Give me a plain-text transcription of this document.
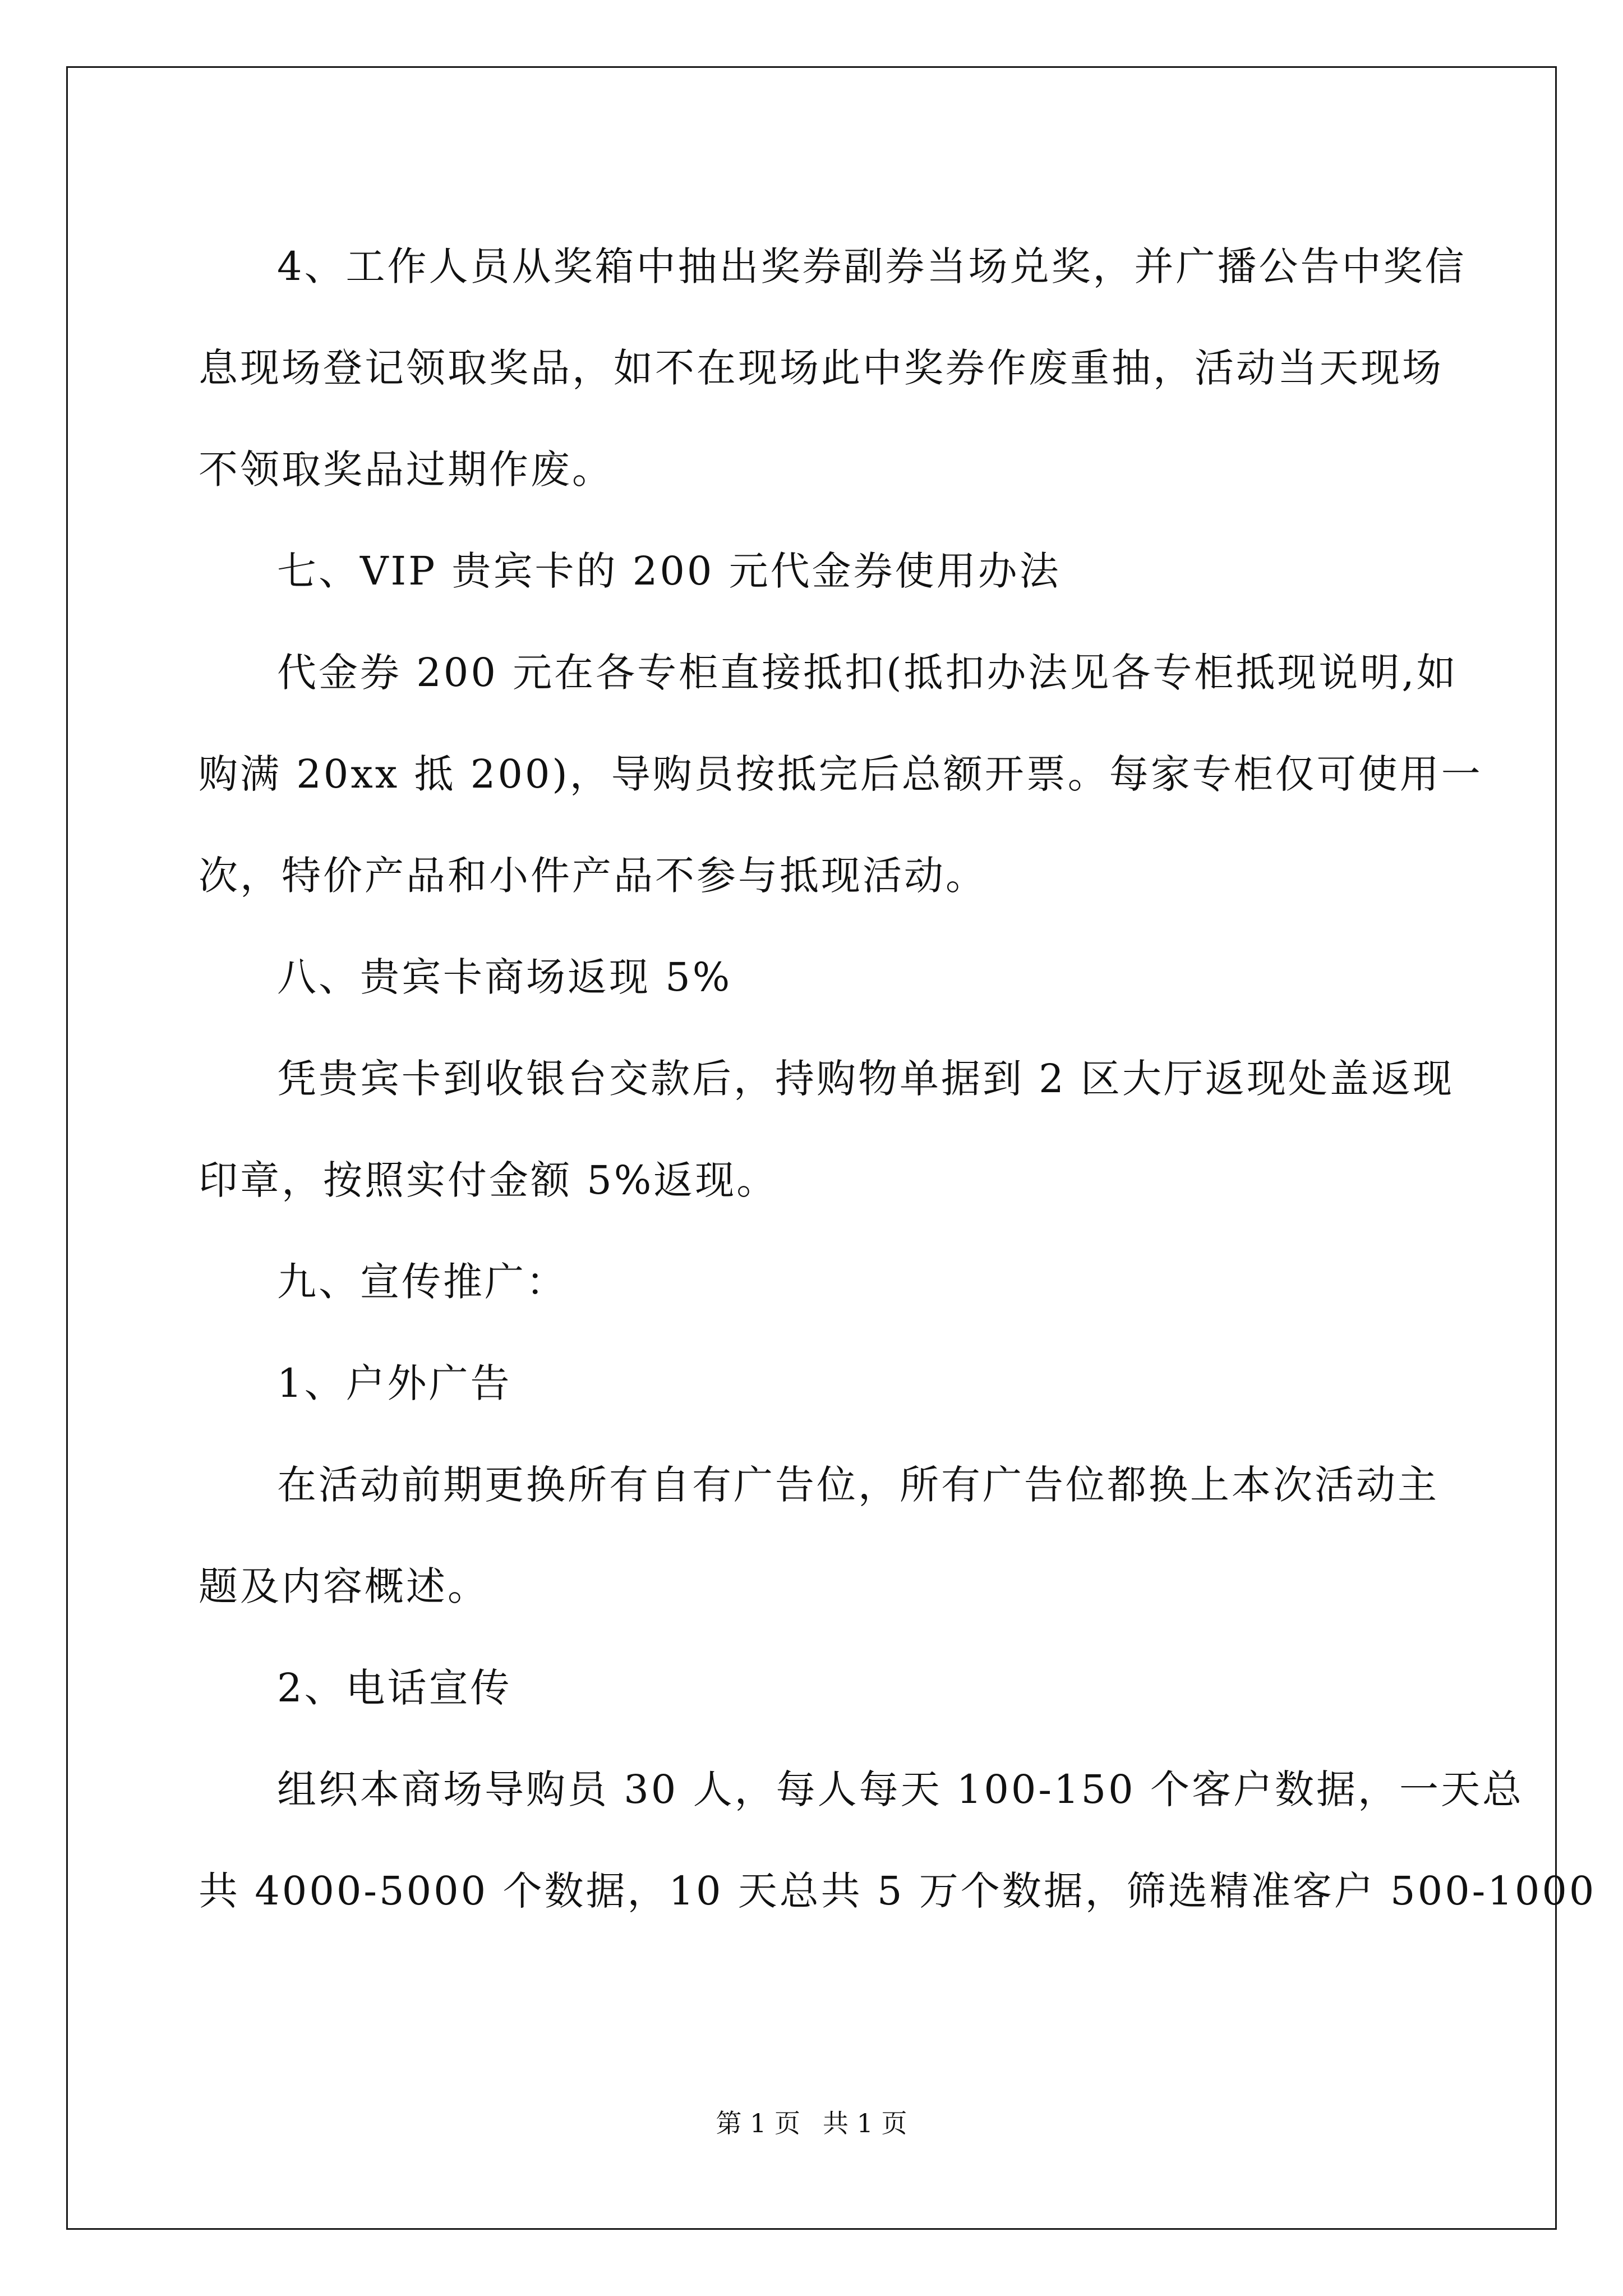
4、工作人员从奖箱中抽出奖券副券当场兑奖，并广播公告中奖信

息现场登记领取奖品，如不在现场此中奖券作废重抽，活动当天现场

不领取奖品过期作废。

七、VIP 贵宾卡的 200 元代金券使用办法

代金券 200 元在各专柜直接抵扣(抵扣办法见各专柜抵现说明,如

购满 20xx 抵 200)，导购员按抵完后总额开票。每家专柜仅可使用一

次，特价产品和小件产品不参与抵现活动。

八、贵宾卡商场返现 5%

凭贵宾卡到收银台交款后，持购物单据到 2 区大厅返现处盖返现

印章，按照实付金额 5%返现。

九、宣传推广：

1、户外广告

在活动前期更换所有自有广告位，所有广告位都换上本次活动主

题及内容概述。

2、电话宣传

组织本商场导购员 30 人，每人每天 100-150 个客户数据，一天总

共 4000-5000 个数据，10 天总共 5 万个数据，筛选精准客户 500-1000

第 1 页 共 1 页
